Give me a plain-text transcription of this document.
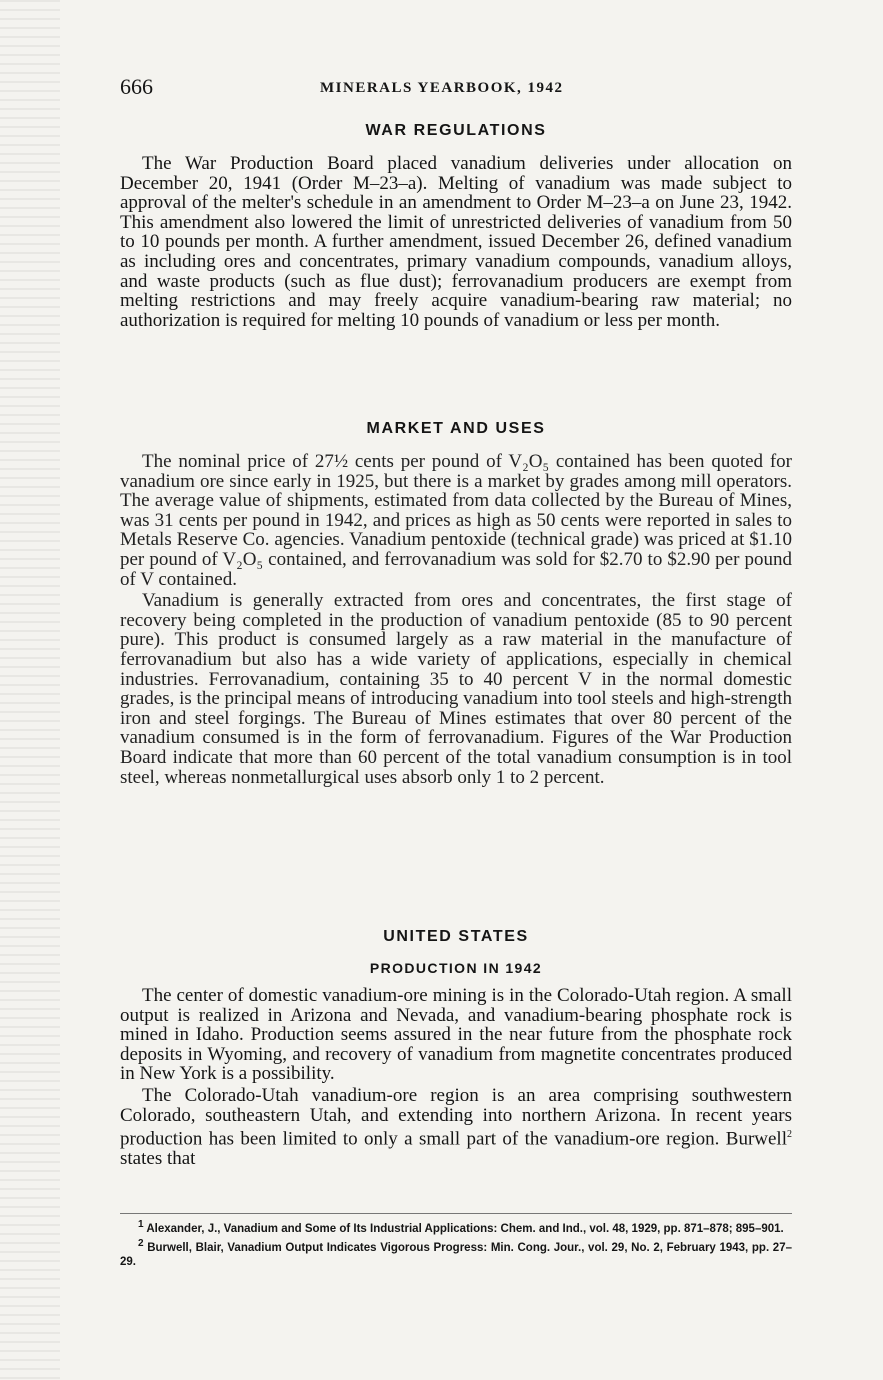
666	MINERALS YEARBOOK, 1942
WAR REGULATIONS

The War Production Board placed vanadium deliveries under allocation on December 20, 1941 (Order M–23–a). Melting of vanadium was made subject to approval of the melter's schedule in an amendment to Order M–23–a on June 23, 1942. This amendment also lowered the limit of unrestricted deliveries of vanadium from 50 to 10 pounds per month. A further amendment, issued December 26, defined vanadium as including ores and concentrates, primary vanadium compounds, vanadium alloys, and waste products (such as flue dust); ferrovanadium producers are exempt from melting restrictions and may freely acquire vanadium-bearing raw material; no authorization is required for melting 10 pounds of vanadium or less per month.

MARKET AND USES

The nominal price of 27½ cents per pound of V₂O₅ contained has been quoted for vanadium ore since early in 1925, but there is a market by grades among mill operators. The average value of shipments, estimated from data collected by the Bureau of Mines, was 31 cents per pound in 1942, and prices as high as 50 cents were reported in sales to Metals Reserve Co. agencies. Vanadium pentoxide (technical grade) was priced at $1.10 per pound of V₂O₅ contained, and ferrovanadium was sold for $2.70 to $2.90 per pound of V contained.

Vanadium is generally extracted from ores and concentrates, the first stage of recovery being completed in the production of vanadium pentoxide (85 to 90 percent pure). This product is consumed largely as a raw material in the manufacture of ferrovanadium but also has a wide variety of applications, especially in chemical industries. Ferrovanadium, containing 35 to 40 percent V in the normal domestic grades, is the principal means of introducing vanadium into tool steels and high-strength iron and steel forgings. The Bureau of Mines estimates that over 80 percent of the vanadium consumed is in the form of ferrovanadium. Figures of the War Production Board indicate that more than 60 percent of the total vanadium consumption is in tool steel, whereas nonmetallurgical uses absorb only 1 to 2 percent.

UNITED STATES
PRODUCTION IN 1942

The center of domestic vanadium-ore mining is in the Colorado-Utah region. A small output is realized in Arizona and Nevada, and vanadium-bearing phosphate rock is mined in Idaho. Production seems assured in the near future from the phosphate rock deposits in Wyoming, and recovery of vanadium from magnetite concentrates produced in New York is a possibility.

The Colorado-Utah vanadium-ore region is an area comprising southwestern Colorado, southeastern Utah, and extending into northern Arizona. In recent years production has been limited to only a small part of the vanadium-ore region. Burwell$^2$ states that

$^1$ Alexander, J., Vanadium and Some of Its Industrial Applications: Chem. and Ind., vol. 48, 1929, pp. 871–878; 895–901.
$^2$ Burwell, Blair, Vanadium Output Indicates Vigorous Progress: Min. Cong. Jour., vol. 29, No. 2, February 1943, pp. 27–29.
